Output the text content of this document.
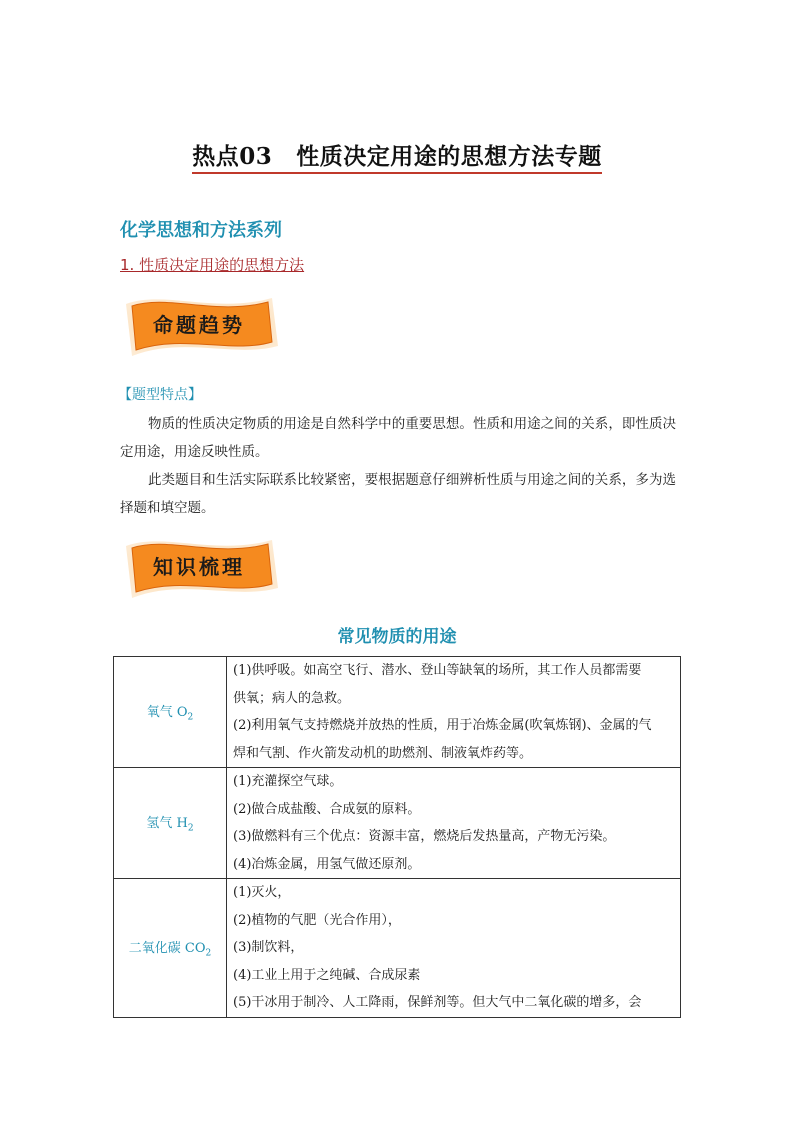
热点03 性质决定用途的思想方法专题
化学思想和方法系列
1. 性质决定用途的思想方法
命题趋势
【题型特点】
物质的性质决定物质的用途是自然科学中的重要思想。性质和用途之间的关系，即性质决定用途，用途反映性质。
此类题目和生活实际联系比较紧密，要根据题意仔细辨析性质与用途之间的关系，多为选择题和填空题。
知识梳理
常见物质的用途
氧气 $O_2$	(1)供呼吸。如高空飞行、潜水、登山等缺氧的场所，其工作人员都需要
供氧；病人的急救。
(2)利用氧气支持燃烧并放热的性质，用于冶炼金属(吹氧炼钢)、金属的气
焊和气割、作火箭发动机的助燃剂、制液氧炸药等。

氢气 $H_2$	(1)充灌探空气球。
(2)做合成盐酸、合成氨的原料。
(3)做燃料有三个优点：资源丰富，燃烧后发热量高，产物无污染。
(4)冶炼金属，用氢气做还原剂。

二氧化碳 $CO_2$	(1)灭火，
(2)植物的气肥（光合作用），
(3)制饮料，
(4)工业上用于之纯碱、合成尿素
(5)干冰用于制冷、人工降雨，保鲜剂等。但大气中二氧化碳的增多，会
